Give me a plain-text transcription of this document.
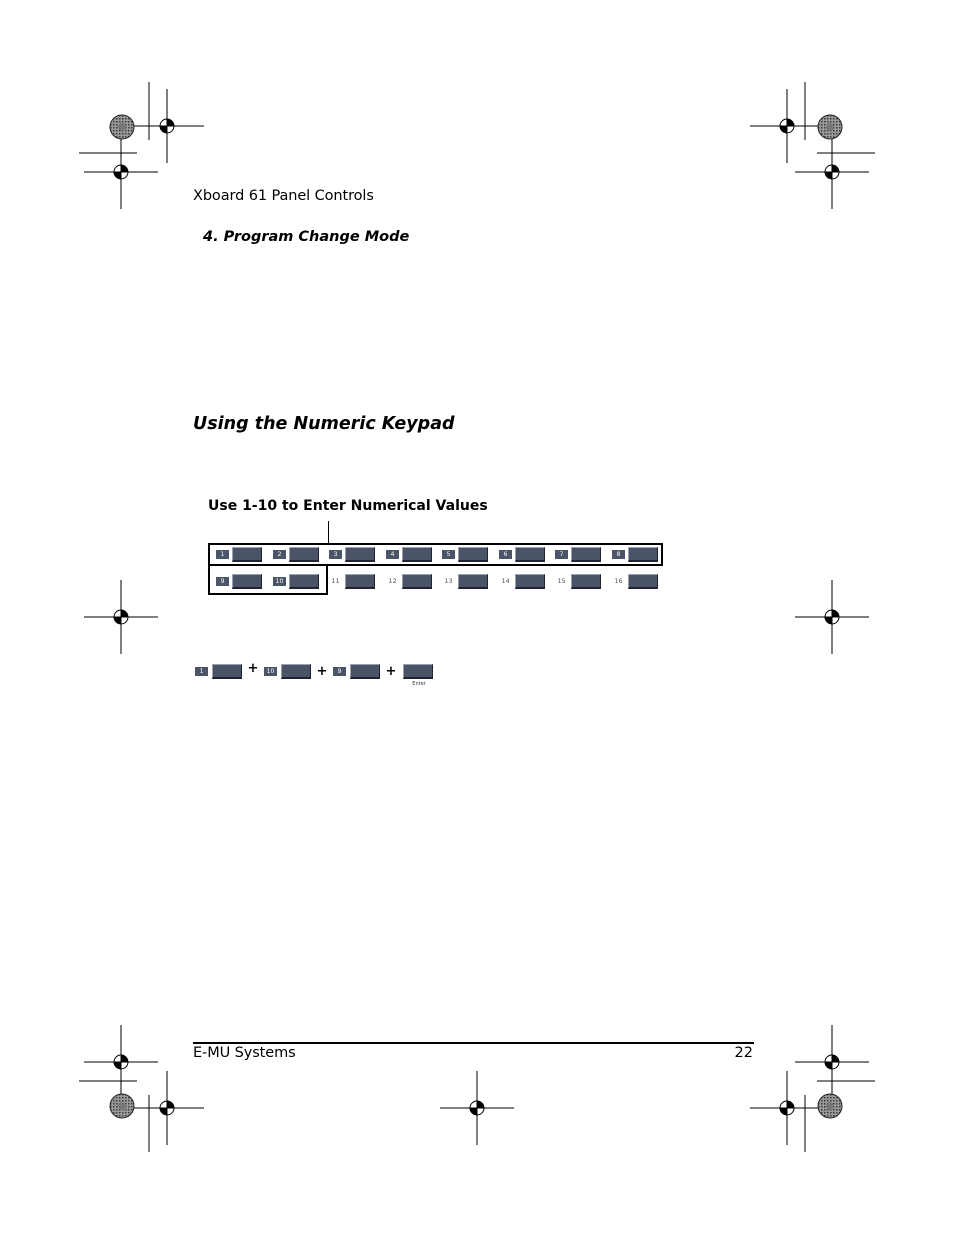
Xboard 61 Panel Controls
4. Program Change Mode
Using the Numeric Keypad
Use 1-10 to Enter Numerical Values
1	2	3	4	5	6	7	8
9	10	11	12	13	14	15	16
1	+	10	+	9	+
Enter
E-MU Systems	22
